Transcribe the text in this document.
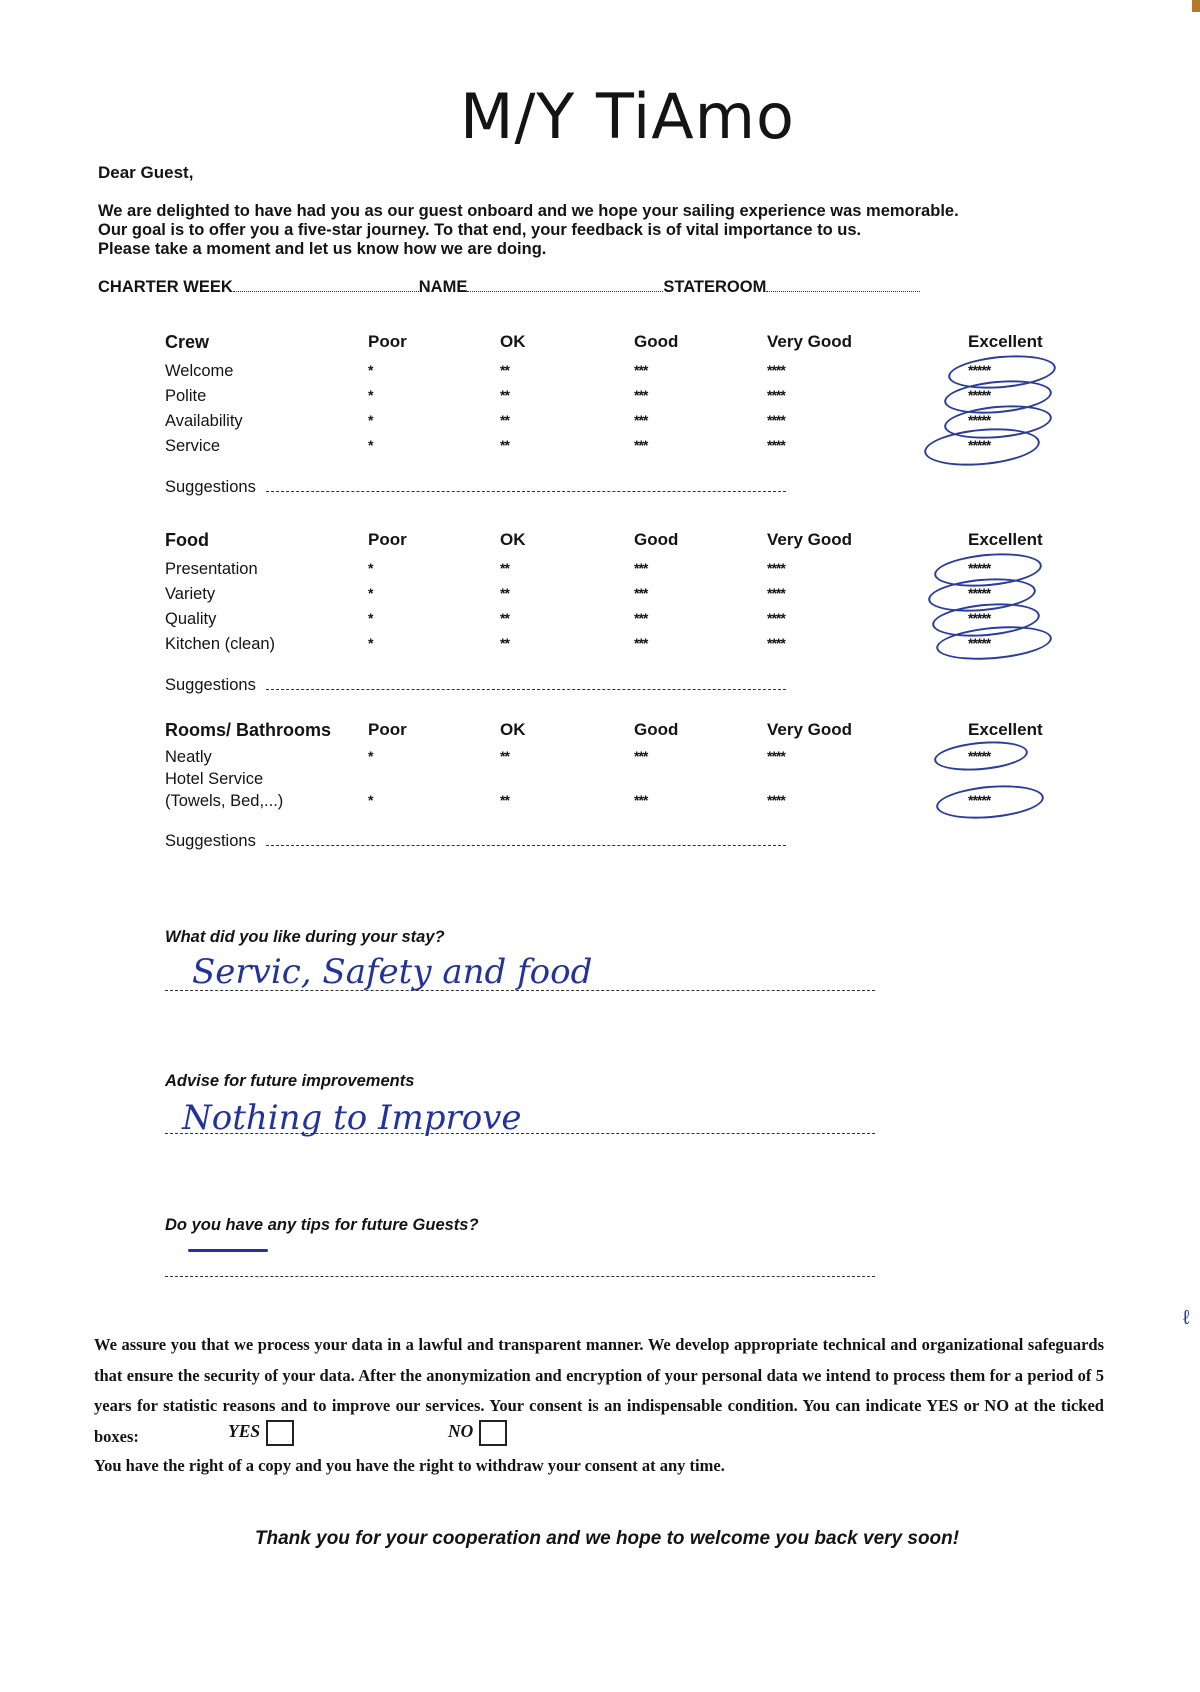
M/Y TiAmo
Dear Guest,
We are delighted to have had you as our guest onboard and we hope your sailing experience was memorable.
Our goal is to offer you a five-star journey. To that end, your feedback is of vital importance to us.
Please take a moment and let us know how we are doing.
CHARTER WEEK	NAME	STATEROOM
Crew	Poor	OK	Good	Very Good	Excellent
Welcome	*	**	***	****	*****
Polite	*	**	***	****	*****
Availability	*	**	***	****	*****
Service	*	**	***	****	*****
Suggestions
Food	Poor	OK	Good	Very Good	Excellent
Presentation	*	**	***	****	*****
Variety	*	**	***	****	*****
Quality	*	**	***	****	*****
Kitchen (clean)	*	**	***	****	*****
Suggestions
Rooms/ Bathrooms Poor	OK	Good	Very Good	Excellent
Neatly	*	**	***	****	*****
Hotel Service
(Towels, Bed,...)	*	**	***	****	*****
Suggestions
What did you like during your stay?
Servic, Safety and food
Advise for future improvements
Nothing to Improve
Do you have any tips for future Guests?
We assure you that we process your data in a lawful and transparent manner. We develop appropriate technical and organizational safeguards that ensure the security of your data. After the anonymization and encryption of your personal data we intend to process them for a period of 5 years for statistic reasons and to improve our services. Your consent is an indispensable condition. You can indicate YES or NO at the ticked boxes:	YES	NO
You have the right of a copy and you have the right to withdraw your consent at any time.
Thank you for your cooperation and we hope to welcome you back very soon!
ℓ
